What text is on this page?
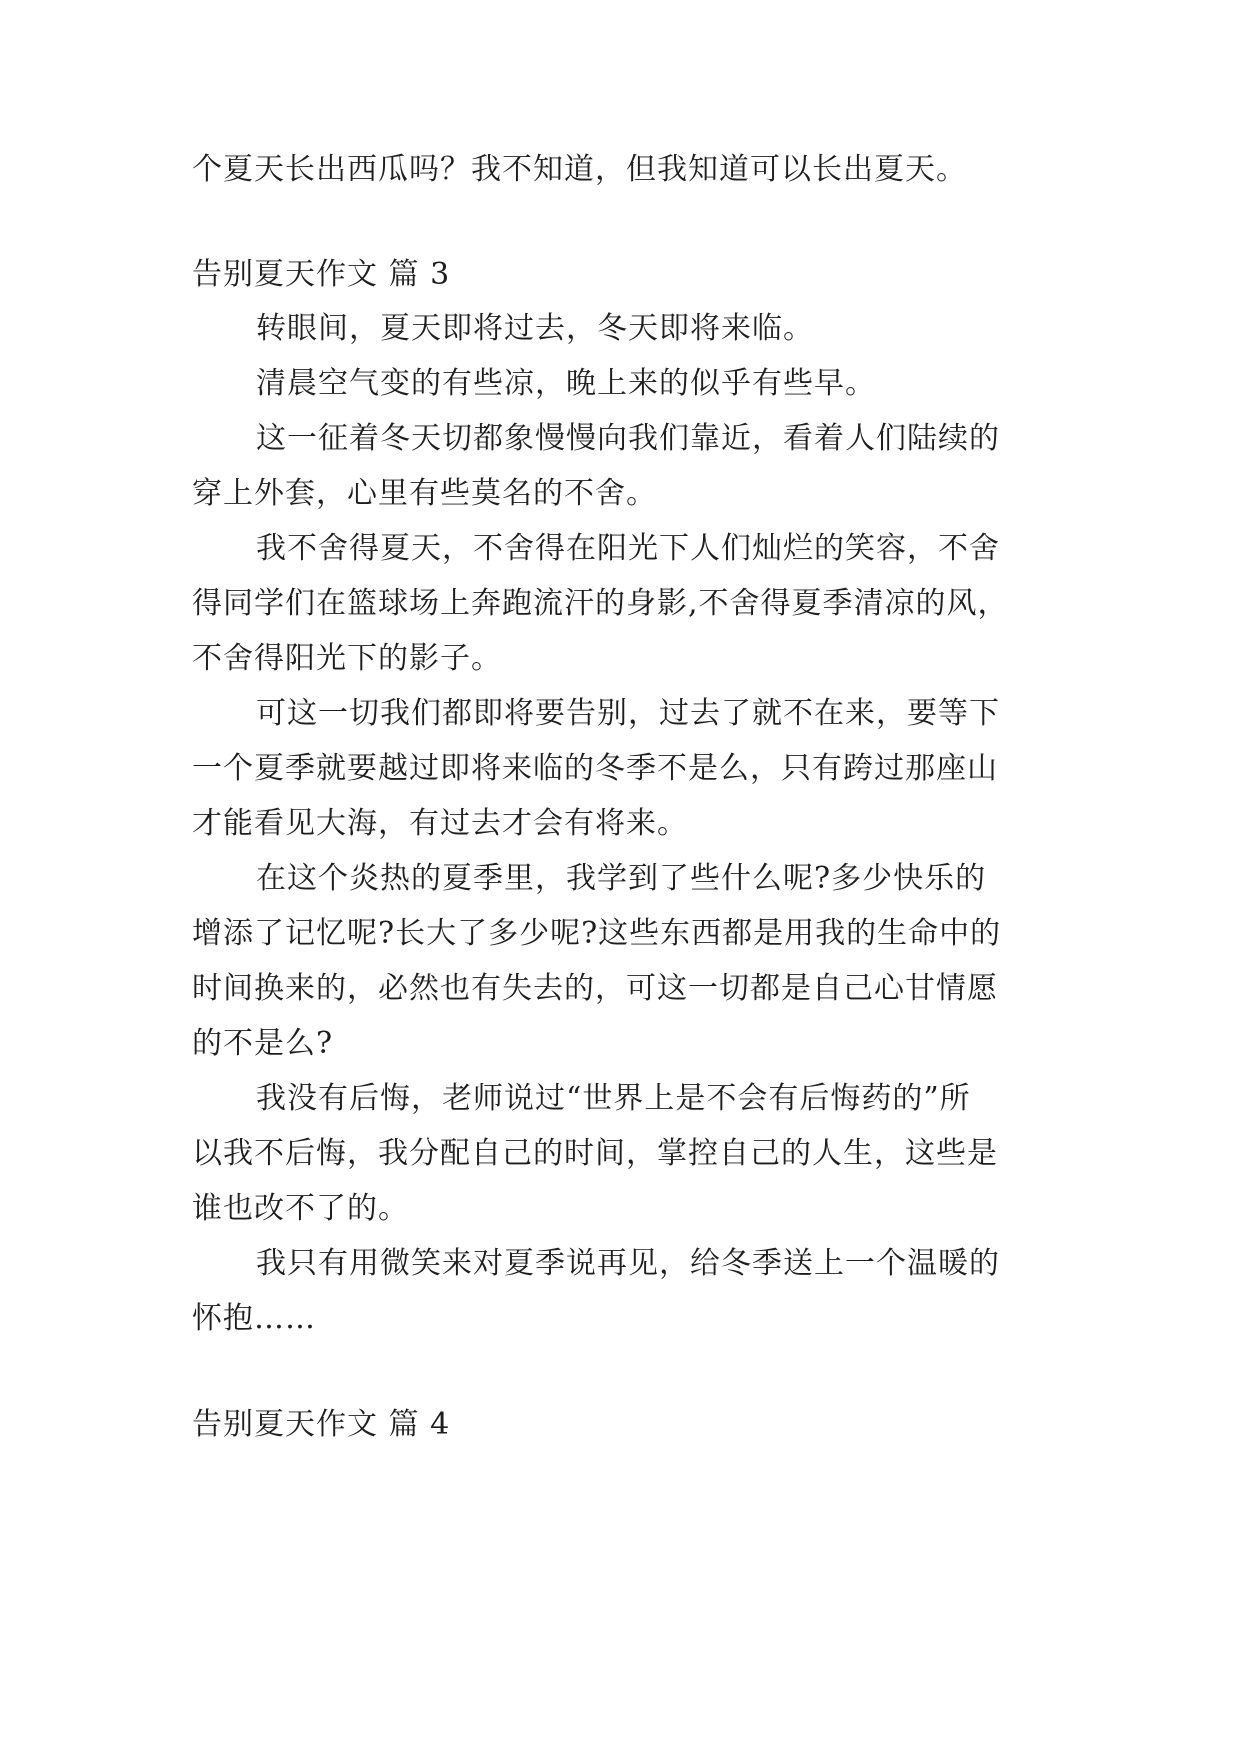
个夏天长出西瓜吗？我不知道，但我知道可以长出夏天。
告别夏天作文 篇 3
转眼间，夏天即将过去，冬天即将来临。
清晨空气变的有些凉，晚上来的似乎有些早。
这一征着冬天切都象慢慢向我们靠近，看着人们陆续的
穿上外套，心里有些莫名的不舍。
我不舍得夏天，不舍得在阳光下人们灿烂的笑容，不舍
得同学们在篮球场上奔跑流汗的身影,不舍得夏季清凉的风，
不舍得阳光下的影子。
可这一切我们都即将要告别，过去了就不在来，要等下
一个夏季就要越过即将来临的冬季不是么，只有跨过那座山
才能看见大海，有过去才会有将来。
在这个炎热的夏季里，我学到了些什么呢?多少快乐的
增添了记忆呢?长大了多少呢?这些东西都是用我的生命中的
时间换来的，必然也有失去的，可这一切都是自己心甘情愿
的不是么?
我没有后悔，老师说过“世界上是不会有后悔药的”所
以我不后悔，我分配自己的时间，掌控自己的人生，这些是
谁也改不了的。
我只有用微笑来对夏季说再见，给冬季送上一个温暖的
怀抱……
告别夏天作文 篇 4
